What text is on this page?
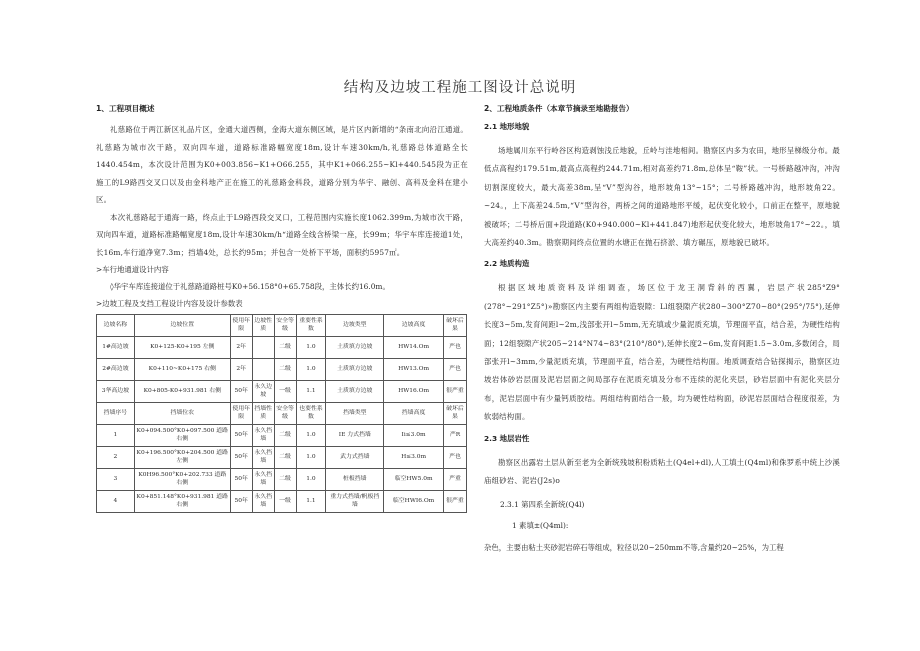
结构及边坡工程施工图设计总说明
1、工程项目概述
礼慈路位于两江新区礼品片区，金通大道西侧，金海大道东侧区域，是片区内新增的“条南北向沿江通道。礼慈路为城市次干路，双向四车道，道路标准路幅宽度18m,设计车速30km/h,礼慈路总体道路全长1440.454m，本次设计范围为K0+003.856~K1+O66.255，其中K1+066.255~Kl+440.545段为正在施工的L9路西交叉口以及由金科地产正在施工的礼慈路金科段，道路分别为华宇、融创、高科及金科在建小区。
本次礼慈路起于通海一路，终点止于L9路西段交叉口，工程范围内实施长度1062.399m,为城市次干路，双向四车道，道路标准路幅宽度18m,设计车速30km/h“道路全线含桥梁一座，长99m；华宇车库连接道1处，长16m,车行道净宽7.3m；挡墙4处，总长约95m；并包含一处桥下平场，面积约5957㎡。
>车行地通道设计内容
◊华宇车库连接道位于礼慈路道路桩号K0+56.158°0+65.758段，主体长约16.0m。
>边坡工程及支挡工程设计内容及设计参数表
边坡名称	边坡位置	使用年限	边坡性质	安全等级	重要性系数	边坡类型	边坡高度	破坏后果
1#高边坡	K0+125-K0+195 左侧	2年		二级	1.0	土质填方边坡	HW14.Om	严也
2#高边坡	K0+110~K0+175 右侧	2年		二级	1.0	土质填方边坡	HW13.Om	严也
3华高边坡	K0+805-K0+931.981 右侧	50年	永久边坡	一级	1.1	土质填方边坡	HW16.Om	很严重
挡墙序号	挡墙位农	使用年限	挡墙性质	安全等级	也要性系数	挡墙类型	挡墙高度	破坏后果
1	K0+094.500°K0+097.500 道路右侧	50年	永久挡墙	二级	1.0	IE 力式挡墙	Ii≤3.0m	严R
2	K0+196.500°K0+204.500 道路左侧	50年	永久挡墙	二级	1.0	武力式挡墙	H≤3.0m	严也
3	K0H96.500°K0+202.733 道路右侧	50年	永久挡墙	二级	1.0	桩板挡墙	临空HW5.0m	严重
4	K0+851.148°K0+931.981 道路右侧	50年	永久挡墙	一级	1.1	重力式挡墙/帆板挡墙	临空HWI6.Om	很严重
2、工程地质条件（本章节摘录至地勘报告）
2.1 地形地貌
场地属川东平行岭谷区构造剥蚀浅丘地貌，丘岭与洼地相间。勘察区内多为农田，地形呈梯级分布。最低点高程约179.51m,最高点高程约244.71m,相对高差约71.8m,总体呈“鞍”状。一号桥路越冲沟，冲沟切割深度较大，最大高差38m,呈“V”型沟谷，地形坡角13°~15°；二号桥路越冲沟，地形坡角22。~24。，上下高差24.5m,“V”型沟谷，两桥之间的道路地形平缓，起伏变化较小，口前正在整平，原地貌被破坏；二号桥后面+段道路(K0+940.000~Kl+441.847)地形起伏变化较大，地形坡角17°~22。，填大高差约40.3m。勘察期间终点位置的水塘正在抛石挤淤、填方碾压，原地貌已破坏。
2.2 地质构造
根据区域地质资料及详细调查，场区位于龙王洞背斜的西翼，岩层产状285°Z9°(278°~291°Z5°)»勘察区内主要有两组构造裂隙：Ll组裂隙产状280~300°Z70~80°(295°/75°),延伸长度3~5m,发育间距l~2m,浅部张开l~5mm,无充填或少量泥质充填，节理面平直，结合差，为硬性结构面；12组裂隙产状205~214°N74~83°(210°/80°),延伸长度2~6m,发育间距1.5~3.0m,多数闭合，局部张开l~3mm,少量泥质充填，节理面平直，结合差，为硬性结构面。地质调查结合钻探揭示，勘察区边坡岩体砂岩层面及泥岩层面之间局部存在泥质充填及分布不连续的泥化夹层，砂岩层面中有泥化夹层分布，泥岩层面中有少量钙质胶结。两组结构面结合一般，均为硬性结构面，砂泥岩层面结合程度很差，为软弱结构面。
2.3 地层岩性
勘察区出露岩土层从新至老为全新统残坡积粉质粘土(Q4el+dl),人工填土(Q4ml)和侏罗系中统上沙溪庙组砂岩、泥岩(J2s)o
2.3.1 第四系全新统(Q4l)
1 素填±(Q4ml):
杂色，主要由粘土夹砂泥岩碎石等组成，粒径以20~250mm不等,含量约20~25%，为工程
